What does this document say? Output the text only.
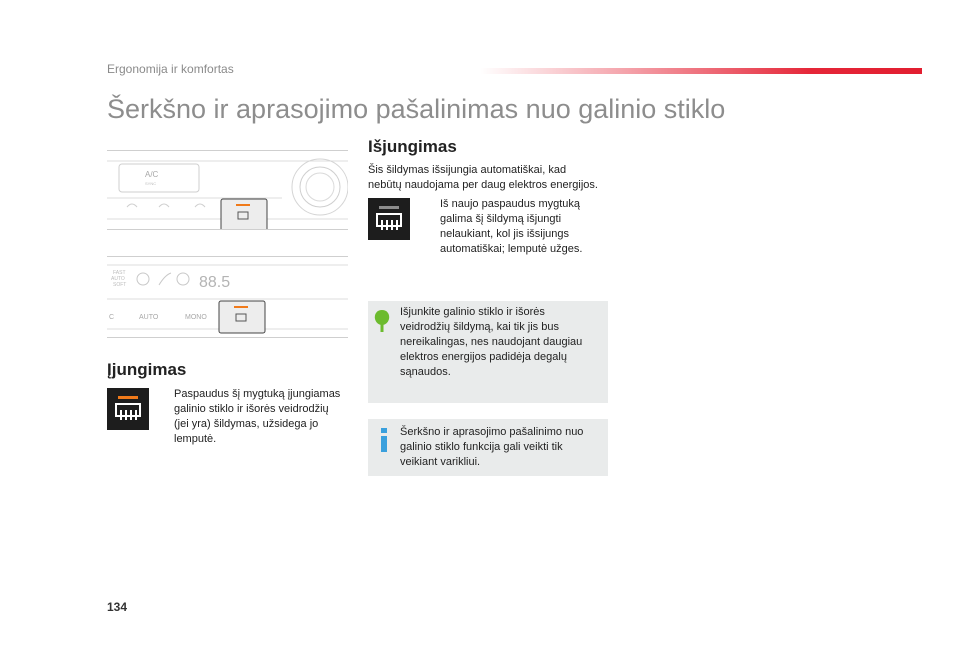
Ergonomija ir komfortas
Šerkšno ir aprasojimo pašalinimas nuo galinio stiklo
A/C
SYNC
FAST
AUTO
SOFT	88.5
C	AUTO	MONO
Išjungimas
Šis šildymas išsijungia automatiškai, kad
nebūtų naudojama per daug elektros energijos.
Iš naujo paspaudus mygtuką
galima šį šildymą išjungti
nelaukiant, kol jis išsijungs
automatiškai; lemputė užges.
Išjunkite galinio stiklo ir išorės
veidrodžių šildymą, kai tik jis bus
nereikalingas, nes naudojant daugiau
elektros energijos padidėja degalų
sąnaudos.
Įjungimas
Paspaudus šį mygtuką įjungiamas
galinio stiklo ir išorės veidrodžių
(jei yra) šildymas, užsidega jo
lemputė.
Šerkšno ir aprasojimo pašalinimo nuo
galinio stiklo funkcija gali veikti tik
veikiant varikliui.
134
